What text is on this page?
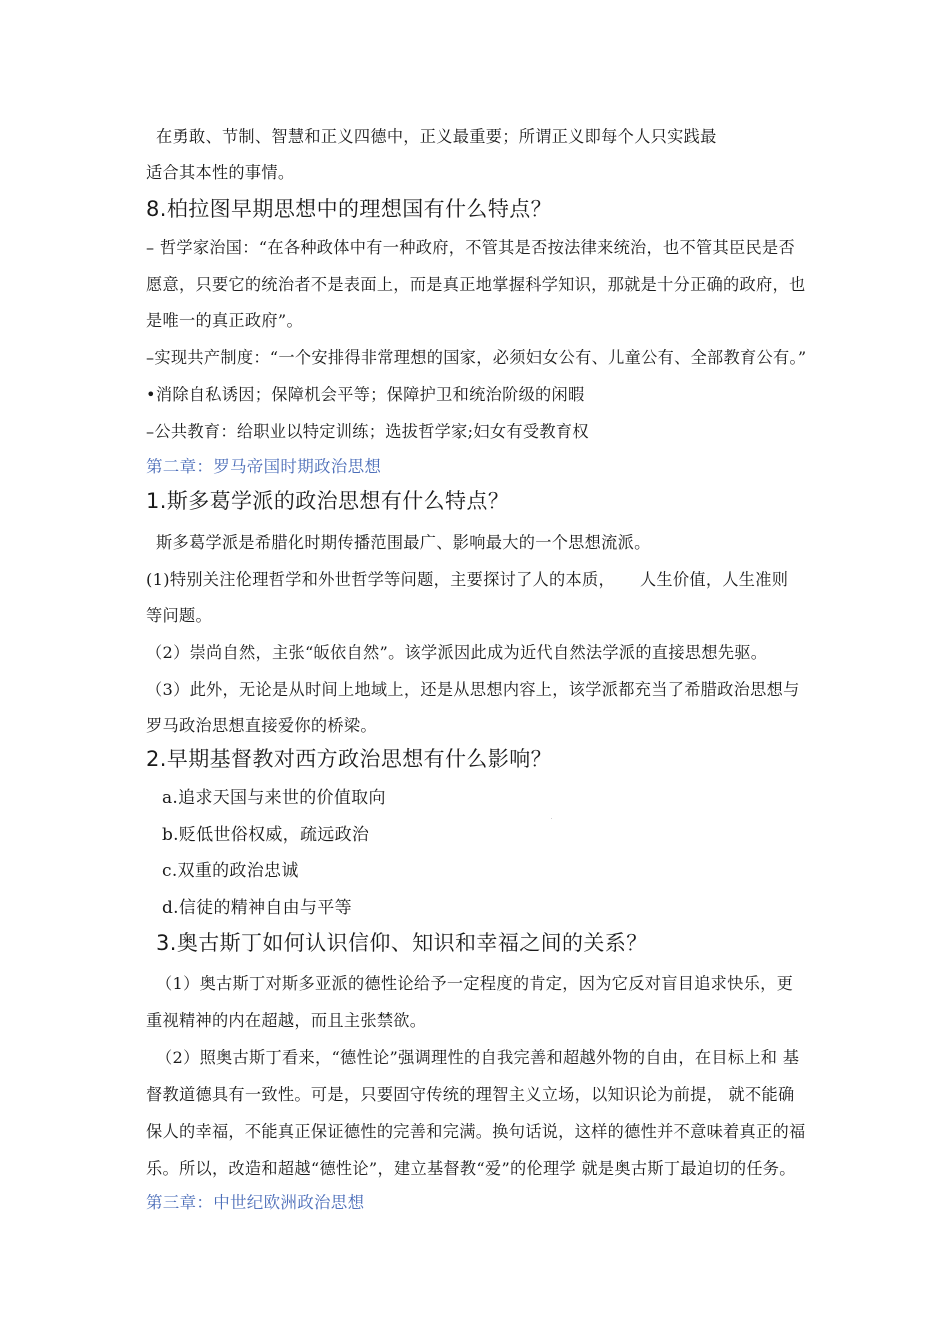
在勇敢、节制、智慧和正义四德中，正义最重要；所谓正义即每个人只实践最

适合其本性的事情。

8.柏拉图早期思想中的理想国有什么特点？

– 哲学家治国：“在各种政体中有一种政府，不管其是否按法律来统治，也不管其臣民是否

愿意，只要它的统治者不是表面上，而是真正地掌握科学知识，那就是十分正确的政府，也

是唯一的真正政府”。

–实现共产制度：“一个安排得非常理想的国家，必须妇女公有、儿童公有、全部教育公有。”

•消除自私诱因；保障机会平等；保障护卫和统治阶级的闲暇

–公共教育：给职业以特定训练；选拔哲学家;妇女有受教育权

第二章：罗马帝国时期政治思想

1.斯多葛学派的政治思想有什么特点？

斯多葛学派是希腊化时期传播范围最广、影响最大的一个思想流派。

(1)特别关注伦理哲学和外世哲学等问题，主要探讨了人的本质，　　人生价值，人生准则

等问题。

（2）崇尚自然，主张“皈依自然”。该学派因此成为近代自然法学派的直接思想先驱。

（3）此外，无论是从时间上地域上，还是从思想内容上，该学派都充当了希腊政治思想与

罗马政治思想直接爱你的桥梁。

2.早期基督教对西方政治思想有什么影响？

a.追求天国与来世的价值取向

b.贬低世俗权威，疏远政治

c.双重的政治忠诚

d.信徒的精神自由与平等

3.奥古斯丁如何认识信仰、知识和幸福之间的关系？

（1）奥古斯丁对斯多亚派的德性论给予一定程度的肯定，因为它反对盲目追求快乐，更

重视精神的内在超越，而且主张禁欲。

（2）照奥古斯丁看来，“德性论”强调理性的自我完善和超越外物的自由，在目标上和 基

督教道德具有一致性。可是，只要固守传统的理智主义立场，以知识论为前提， 就不能确

保人的幸福，不能真正保证德性的完善和完满。换句话说，这样的德性并不意味着真正的福

乐。所以，改造和超越“德性论”，建立基督教“爱”的伦理学 就是奥古斯丁最迫切的任务。

第三章：中世纪欧洲政治思想
